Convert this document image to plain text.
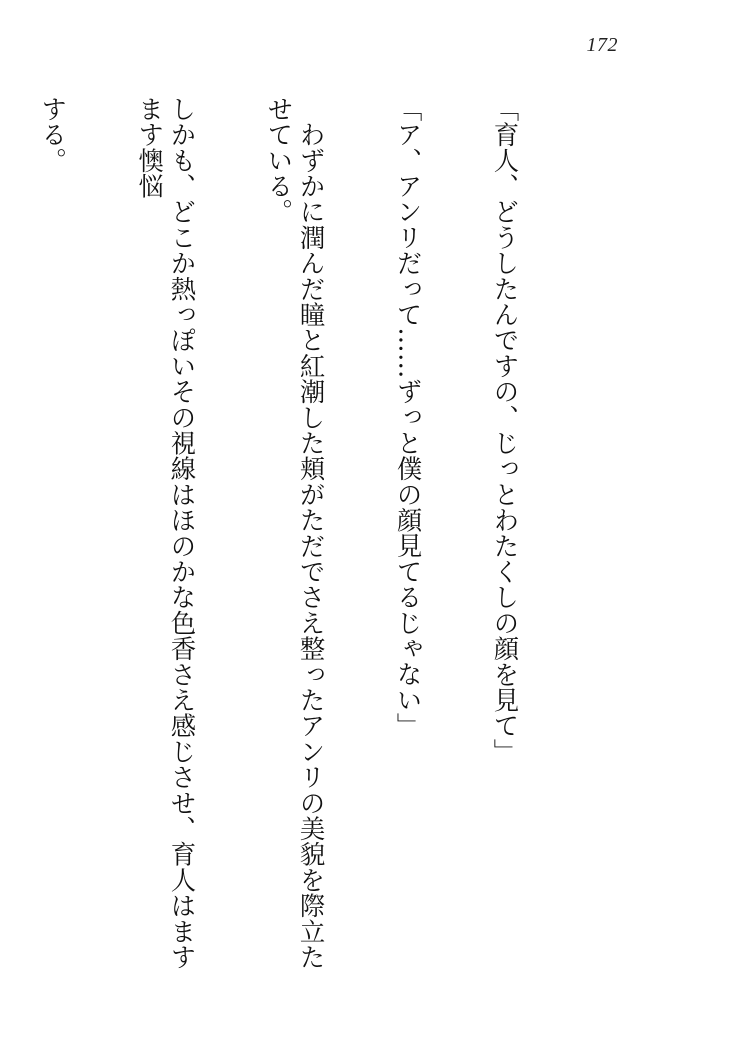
172

「育人、どうしたんですの、じっとわたくしの顔を見て」

「ア、アンリだって……ずっと僕の顔見てるじゃない」

　わずかに潤んだ瞳と紅潮した頬がただでさえ整ったアンリの美貌を際立たせている。

しかも、どこか熱っぽいその視線はほのかな色香さえ感じさせ、育人はますます懊悩

する。
